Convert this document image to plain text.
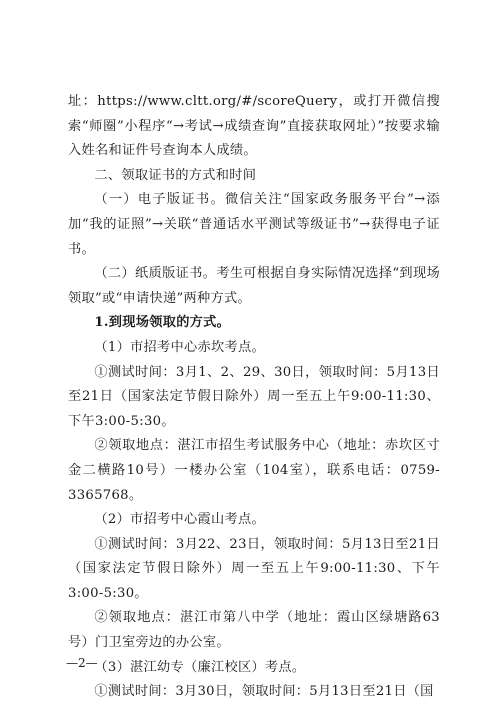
址：https://www.cltt.org/#/scoreQuery，或打开微信搜索“师圈”小程序“→考试→成绩查询”直接获取网址）”按要求输入姓名和证件号查询本人成绩。

二、领取证书的方式和时间

（一）电子版证书。微信关注“国家政务服务平台”→添加“我的证照”→关联“普通话水平测试等级证书”→获得电子证书。

（二）纸质版证书。考生可根据自身实际情况选择“到现场领取”或“申请快递”两种方式。

1.到现场领取的方式。

（1）市招考中心赤坎考点。

①测试时间：3月1、2、29、30日，领取时间：5月13日至21日（国家法定节假日除外）周一至五上午9:00-11:30、下午3:00-5:30。

②领取地点：湛江市招生考试服务中心（地址：赤坎区寸金二横路10号）一楼办公室（104室），联系电话：0759-3365768。

（2）市招考中心霞山考点。

①测试时间：3月22、23日，领取时间：5月13日至21日（国家法定节假日除外）周一至五上午9:00-11:30、下午3:00-5:30。

②领取地点：湛江市第八中学（地址：霞山区绿塘路63号）门卫室旁边的办公室。

（3）湛江幼专（廉江校区）考点。

①测试时间：3月30日，领取时间：5月13日至21日（国

—2—
